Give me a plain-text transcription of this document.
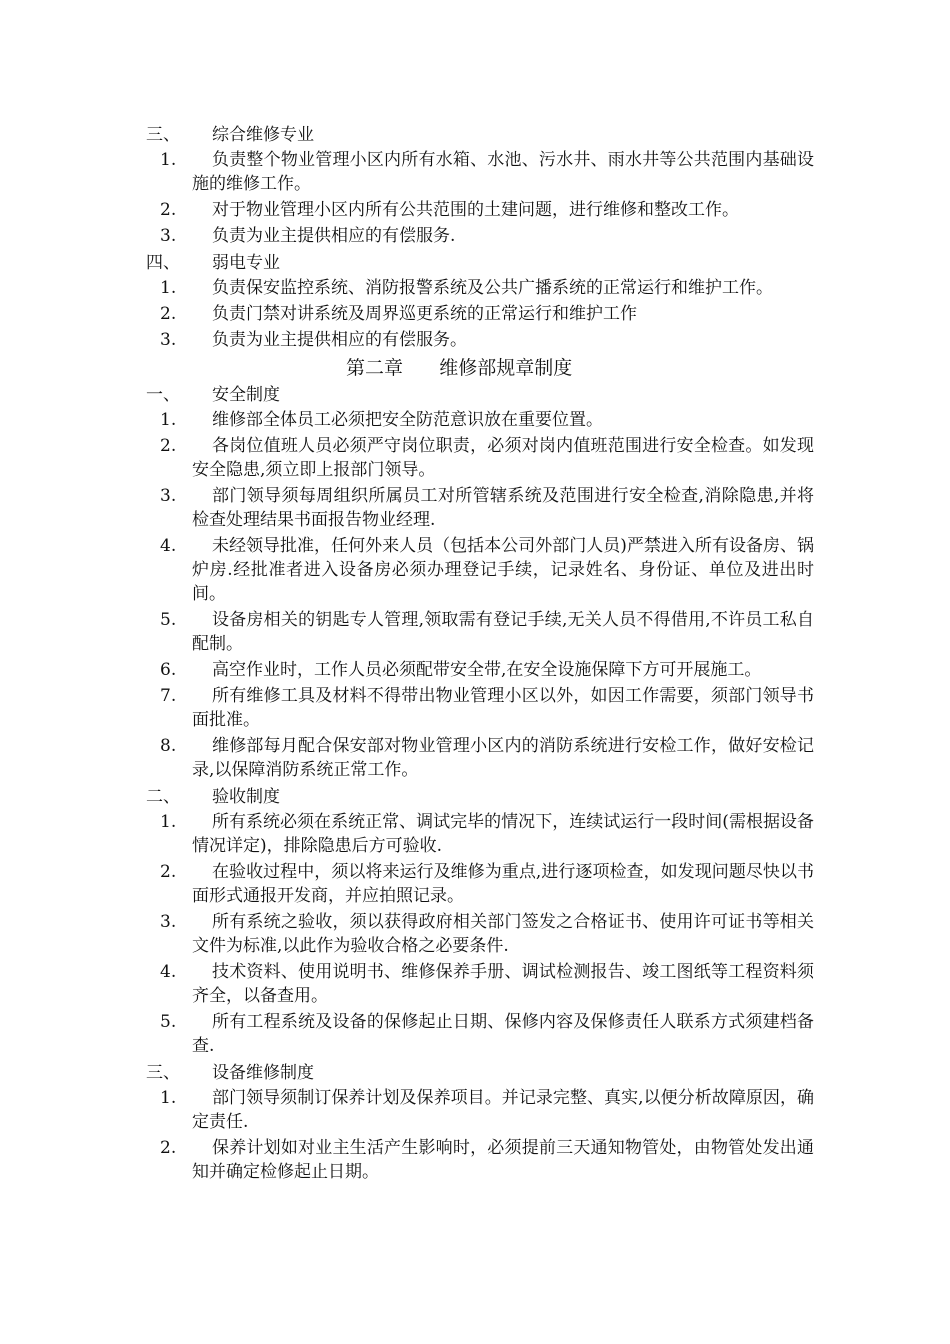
三、	综合维修专业
1.	负责整个物业管理小区内所有水箱、水池、污水井、雨水井等公共范围内基础设施的维修工作。
2.	对于物业管理小区内所有公共范围的土建问题，进行维修和整改工作。
3.	负责为业主提供相应的有偿服务.
四、	弱电专业
1.	负责保安监控系统、消防报警系统及公共广播系统的正常运行和维护工作。
2.	负责门禁对讲系统及周界巡更系统的正常运行和维护工作
3.	负责为业主提供相应的有偿服务。
第二章      维修部规章制度
一、	安全制度
1.	维修部全体员工必须把安全防范意识放在重要位置。
2.	各岗位值班人员必须严守岗位职责，必须对岗内值班范围进行安全检查。如发现安全隐患,须立即上报部门领导。
3.	部门领导须每周组织所属员工对所管辖系统及范围进行安全检查,消除隐患,并将检查处理结果书面报告物业经理.
4.	未经领导批准，任何外来人员（包括本公司外部门人员)严禁进入所有设备房、锅炉房.经批准者进入设备房必须办理登记手续，记录姓名、身份证、单位及进出时间。
5.	设备房相关的钥匙专人管理,领取需有登记手续,无关人员不得借用,不许员工私自配制。
6.	高空作业时，工作人员必须配带安全带,在安全设施保障下方可开展施工。
7.	所有维修工具及材料不得带出物业管理小区以外，如因工作需要，须部门领导书面批准。
8.	维修部每月配合保安部对物业管理小区内的消防系统进行安检工作，做好安检记录,以保障消防系统正常工作。
二、	验收制度
1.	所有系统必须在系统正常、调试完毕的情况下，连续试运行一段时间(需根据设备情况详定)，排除隐患后方可验收.
2.	在验收过程中，须以将来运行及维修为重点,进行逐项检查，如发现问题尽快以书面形式通报开发商，并应拍照记录。
3.	所有系统之验收，须以获得政府相关部门签发之合格证书、使用许可证书等相关文件为标准,以此作为验收合格之必要条件.
4.	技术资料、使用说明书、维修保养手册、调试检测报告、竣工图纸等工程资料须齐全，以备查用。
5.	所有工程系统及设备的保修起止日期、保修内容及保修责任人联系方式须建档备查.
三、	设备维修制度
1.	部门领导须制订保养计划及保养项目。并记录完整、真实,以便分析故障原因，确定责任.
2.	保养计划如对业主生活产生影响时，必须提前三天通知物管处，由物管处发出通知并确定检修起止日期。
